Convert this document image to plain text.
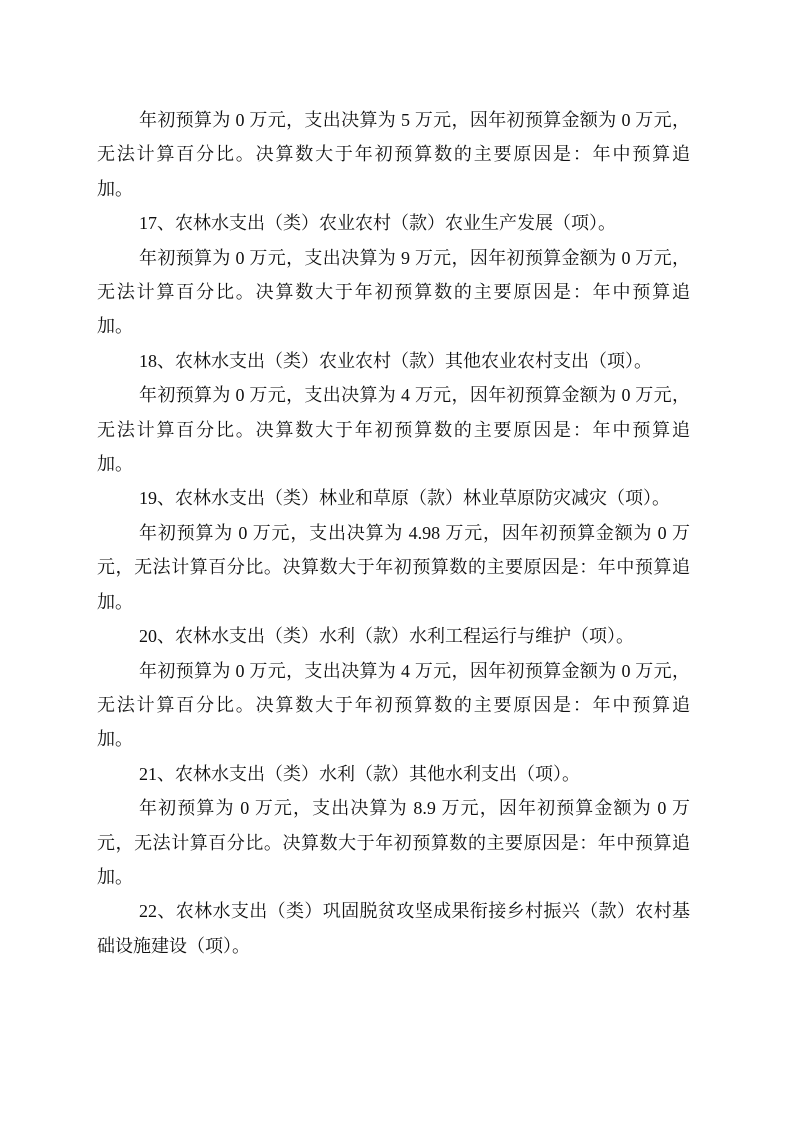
年初预算为 0 万元，支出决算为 5 万元，因年初预算金额为 0 万元，
无法计算百分比。决算数大于年初预算数的主要原因是：年中预算追
加。

17、农林水支出（类）农业农村（款）农业生产发展（项）。

年初预算为 0 万元，支出决算为 9 万元，因年初预算金额为 0 万元，
无法计算百分比。决算数大于年初预算数的主要原因是：年中预算追
加。

18、农林水支出（类）农业农村（款）其他农业农村支出（项）。

年初预算为 0 万元，支出决算为 4 万元，因年初预算金额为 0 万元，
无法计算百分比。决算数大于年初预算数的主要原因是：年中预算追
加。

19、农林水支出（类）林业和草原（款）林业草原防灾减灾（项）。

年初预算为 0 万元，支出决算为 4.98 万元，因年初预算金额为 0 万
元，无法计算百分比。决算数大于年初预算数的主要原因是：年中预算追
加。

20、农林水支出（类）水利（款）水利工程运行与维护（项）。

年初预算为 0 万元，支出决算为 4 万元，因年初预算金额为 0 万元，
无法计算百分比。决算数大于年初预算数的主要原因是：年中预算追
加。

21、农林水支出（类）水利（款）其他水利支出（项）。

年初预算为 0 万元，支出决算为 8.9 万元，因年初预算金额为 0 万
元，无法计算百分比。决算数大于年初预算数的主要原因是：年中预算追
加。

22、农林水支出（类）巩固脱贫攻坚成果衔接乡村振兴（款）农村基
础设施建设（项）。
